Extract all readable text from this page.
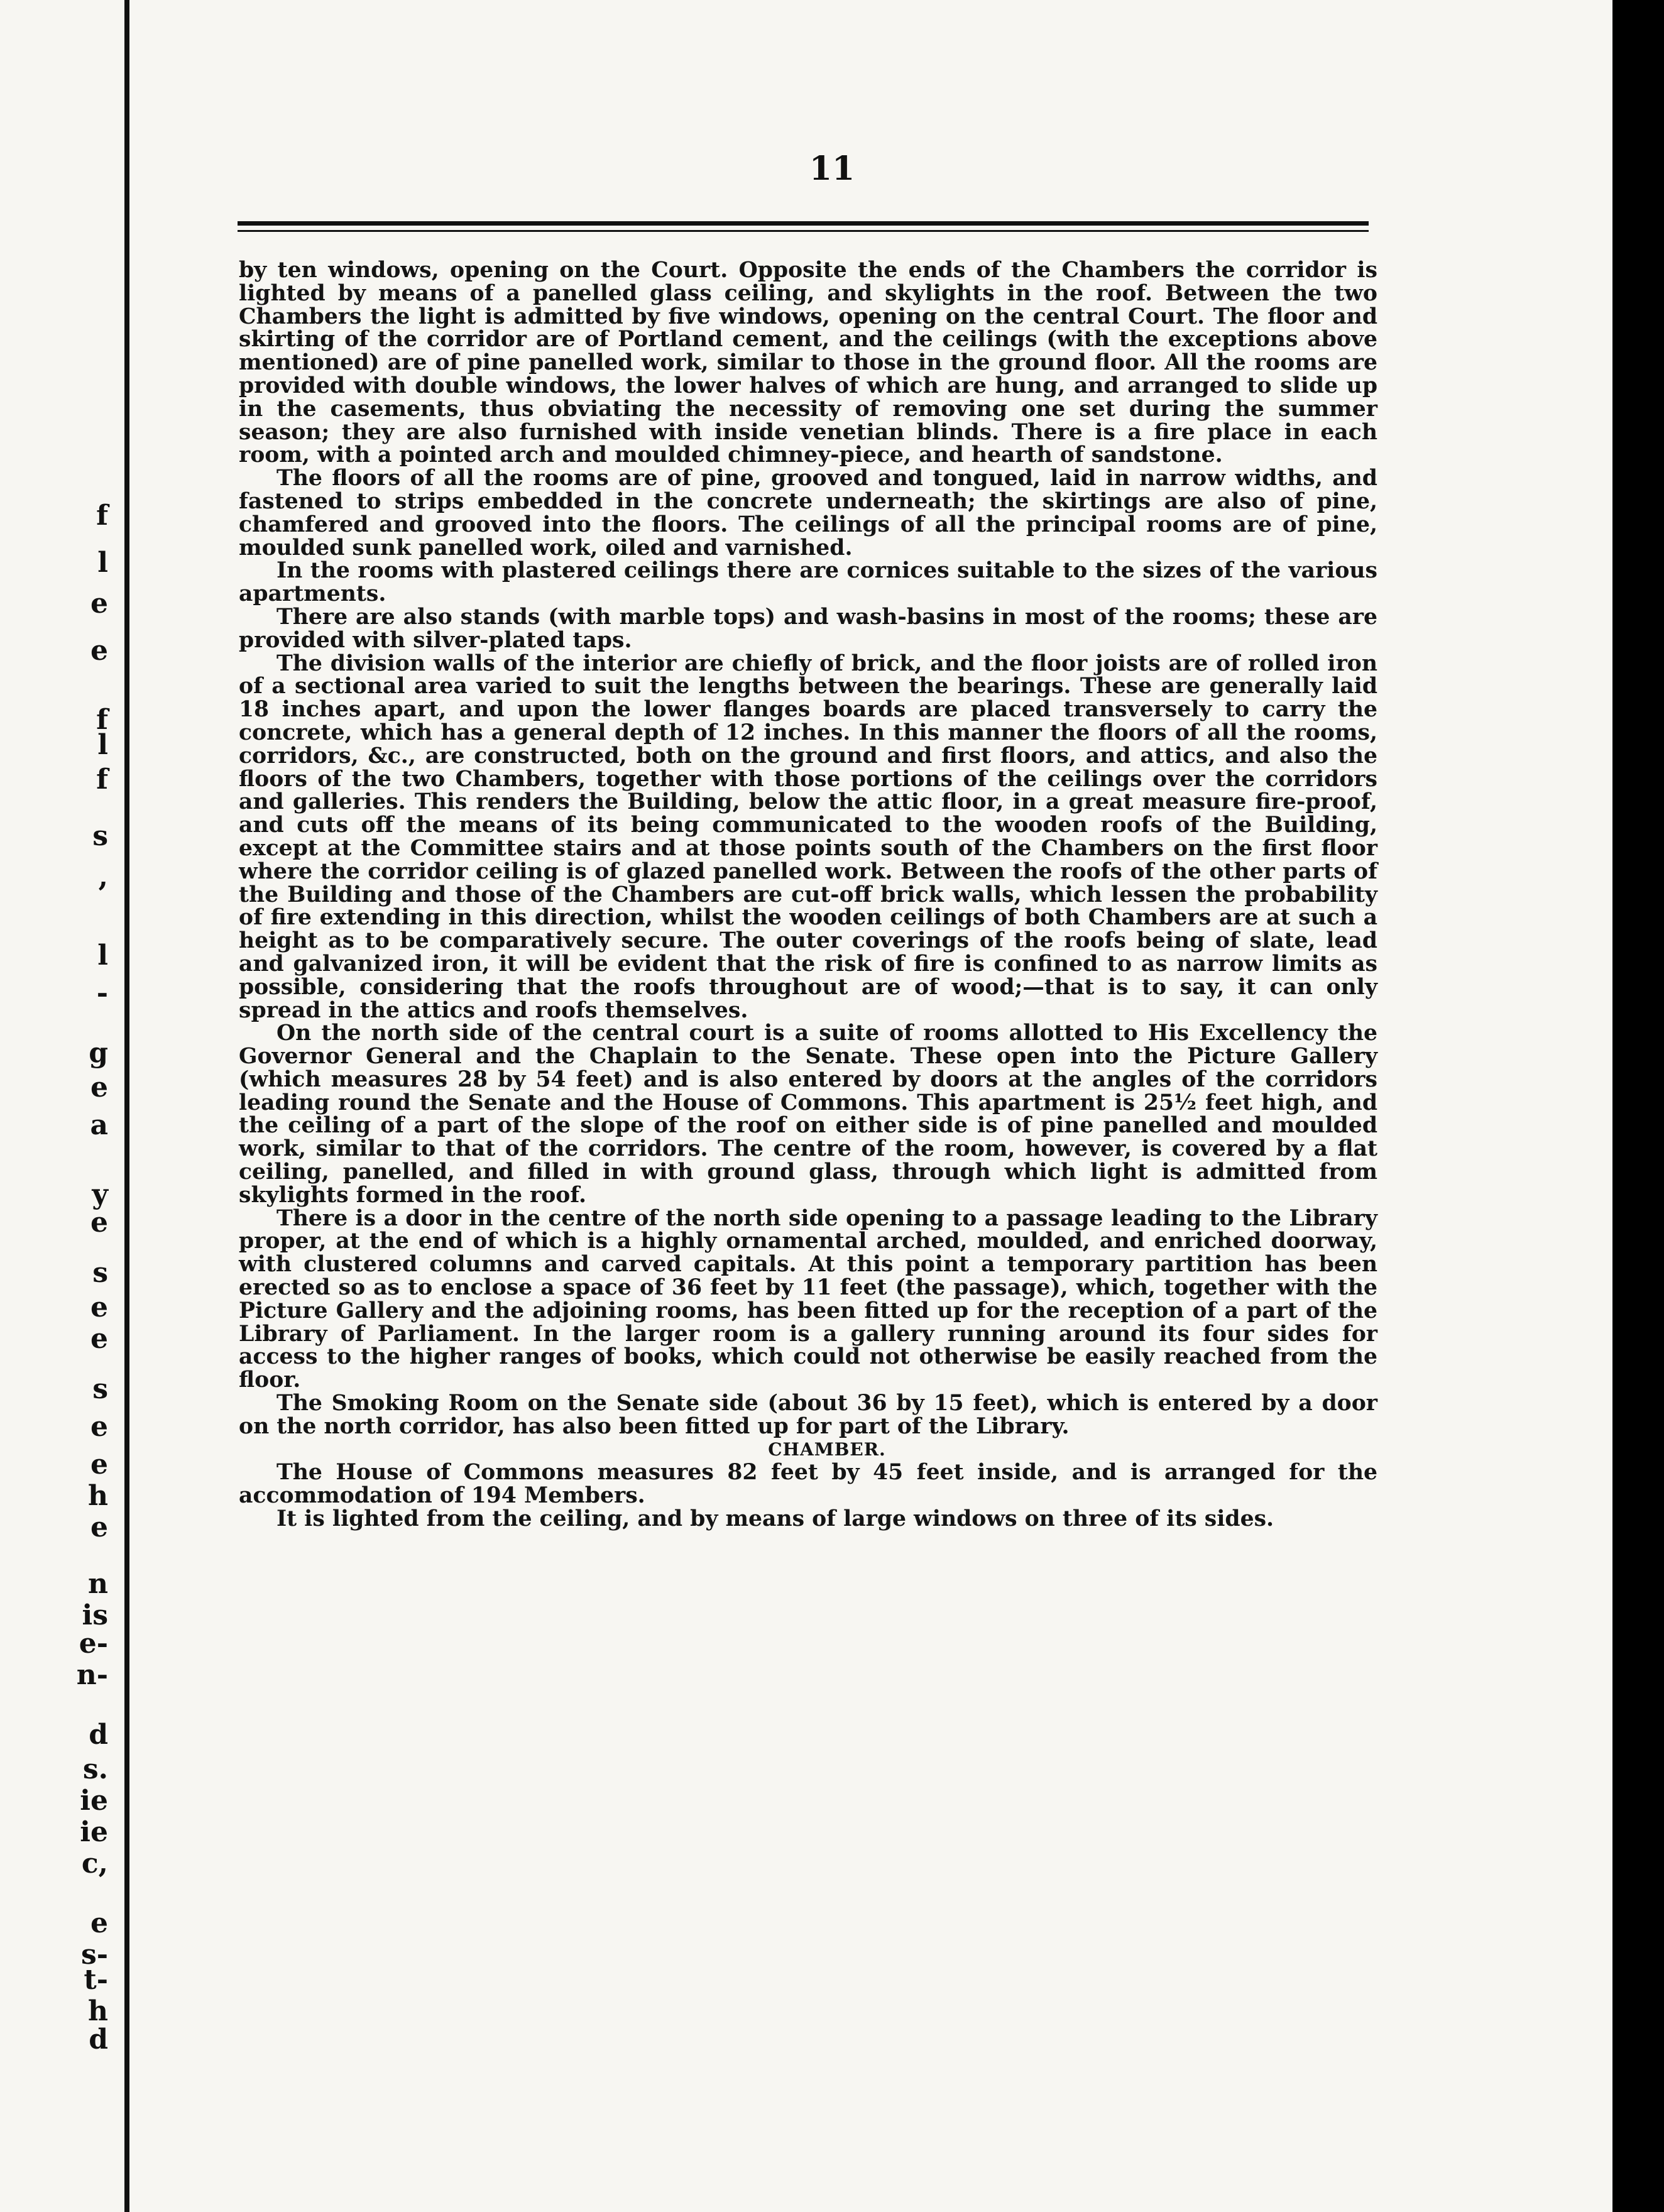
f
l
e
e
f
l
f
s
,
l
-
g
e
a
y
e
s
e
e
s
e
e
h
e
n
is
e-
n-
d
s.
ie
ie
c,
e
s-
t-
h
d
11

by ten windows, opening on the Court. Opposite the ends of the Chambers the corridor is lighted by means of a panelled glass ceiling, and skylights in the roof. Between the two Chambers the light is admitted by five windows, opening on the central Court. The floor and skirting of the corridor are of Portland cement, and the ceilings (with the exceptions above mentioned) are of pine panelled work, similar to those in the ground floor. All the rooms are provided with double windows, the lower halves of which are hung, and arranged to slide up in the casements, thus obviating the necessity of removing one set during the summer season; they are also furnished with inside venetian blinds. There is a fire place in each room, with a pointed arch and moulded chimney-piece, and hearth of sandstone.

The floors of all the rooms are of pine, grooved and tongued, laid in narrow widths, and fastened to strips embedded in the concrete underneath; the skirtings are also of pine, chamfered and grooved into the floors. The ceilings of all the principal rooms are of pine, moulded sunk panelled work, oiled and varnished.

In the rooms with plastered ceilings there are cornices suitable to the sizes of the various apartments.

There are also stands (with marble tops) and wash-basins in most of the rooms; these are provided with silver-plated taps.

The division walls of the interior are chiefly of brick, and the floor joists are of rolled iron of a sectional area varied to suit the lengths between the bearings. These are generally laid 18 inches apart, and upon the lower flanges boards are placed transversely to carry the concrete, which has a general depth of 12 inches. In this manner the floors of all the rooms, corridors, &c., are constructed, both on the ground and first floors, and attics, and also the floors of the two Chambers, together with those portions of the ceilings over the corridors and galleries. This renders the Building, below the attic floor, in a great measure fire-proof, and cuts off the means of its being communicated to the wooden roofs of the Building, except at the Committee stairs and at those points south of the Chambers on the first floor where the corridor ceiling is of glazed panelled work. Between the roofs of the other parts of the Building and those of the Chambers are cut-off brick walls, which lessen the probability of fire extending in this direction, whilst the wooden ceilings of both Chambers are at such a height as to be comparatively secure. The outer coverings of the roofs being of slate, lead and galvanized iron, it will be evident that the risk of fire is confined to as narrow limits as possible, considering that the roofs throughout are of wood;—that is to say, it can only spread in the attics and roofs themselves.

On the north side of the central court is a suite of rooms allotted to His Excellency the Governor General and the Chaplain to the Senate. These open into the Picture Gallery (which measures 28 by 54 feet) and is also entered by doors at the angles of the corridors leading round the Senate and the House of Commons. This apartment is 25½ feet high, and the ceiling of a part of the slope of the roof on either side is of pine panelled and moulded work, similar to that of the corridors. The centre of the room, however, is covered by a flat ceiling, panelled, and filled in with ground glass, through which light is admitted from skylights formed in the roof.

There is a door in the centre of the north side opening to a passage leading to the Library proper, at the end of which is a highly ornamental arched, moulded, and enriched doorway, with clustered columns and carved capitals. At this point a temporary partition has been erected so as to enclose a space of 36 feet by 11 feet (the passage), which, together with the Picture Gallery and the adjoining rooms, has been fitted up for the reception of a part of the Library of Parliament. In the larger room is a gallery running around its four sides for access to the higher ranges of books, which could not otherwise be easily reached from the floor.

The Smoking Room on the Senate side (about 36 by 15 feet), which is entered by a door on the north corridor, has also been fitted up for part of the Library.

CHAMBER.

The House of Commons measures 82 feet by 45 feet inside, and is arranged for the accommodation of 194 Members.

It is lighted from the ceiling, and by means of large windows on three of its sides.
